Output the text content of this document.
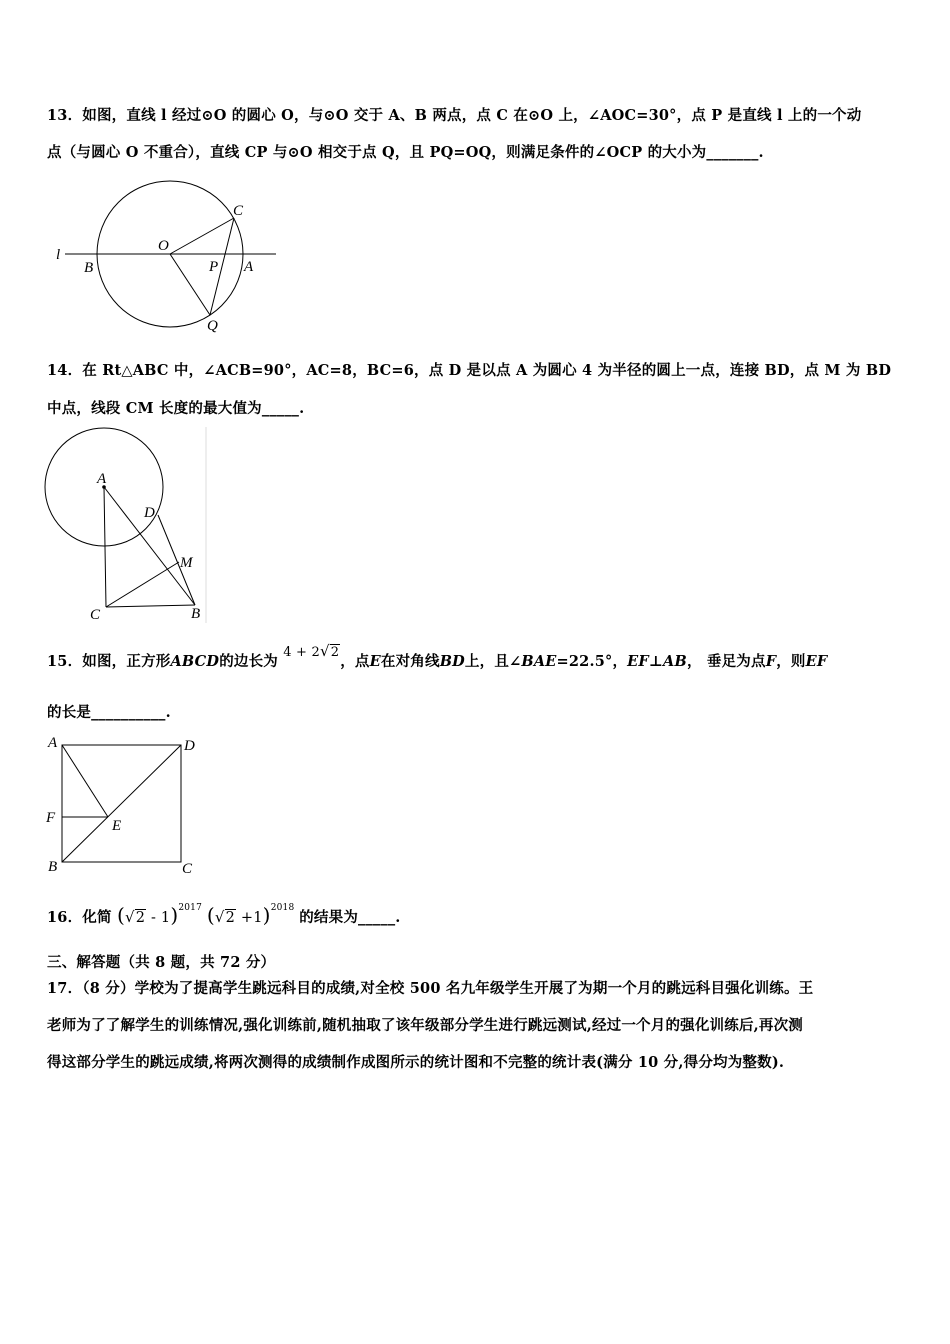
13．如图，直线 l 经过⊙O 的圆心 O，与⊙O 交于 A、B 两点，点 C 在⊙O 上，∠AOC=30°，点 P 是直线 l 上的一个动
点（与圆心 O 不重合），直线 CP 与⊙O 相交于点 Q，且 PQ=OQ，则满足条件的∠OCP 的大小为_______.
l
B
O
P A
C
Q
14．在 Rt△ABC 中，∠ACB=90°，AC=8，BC=6，点 D 是以点 A 为圆心 4 为半径的圆上一点，连接 BD，点 M 为 BD
中点，线段 CM 长度的最大值为_____.
A
D
M
C	B
15．如图，正方形ABCD的边长为 4 + 2√2，点E在对角线BD上，且∠BAE=22.5°，EF⊥AB， 垂足为点F，则EF
的长是__________.
A	D
F	E
B	C
16．化简 (√2 - 1)$^{2017}$ $(√2 +1)^{2018}$ 的结果为_____.
三、解答题（共 8 题，共 72 分）
17．（8 分）学校为了提高学生跳远科目的成绩,对全校 500 名九年级学生开展了为期一个月的跳远科目强化训练。王
老师为了了解学生的训练情况,强化训练前,随机抽取了该年级部分学生进行跳远测试,经过一个月的强化训练后,再次测
得这部分学生的跳远成绩,将两次测得的成绩制作成图所示的统计图和不完整的统计表(满分 10 分,得分均为整数).
